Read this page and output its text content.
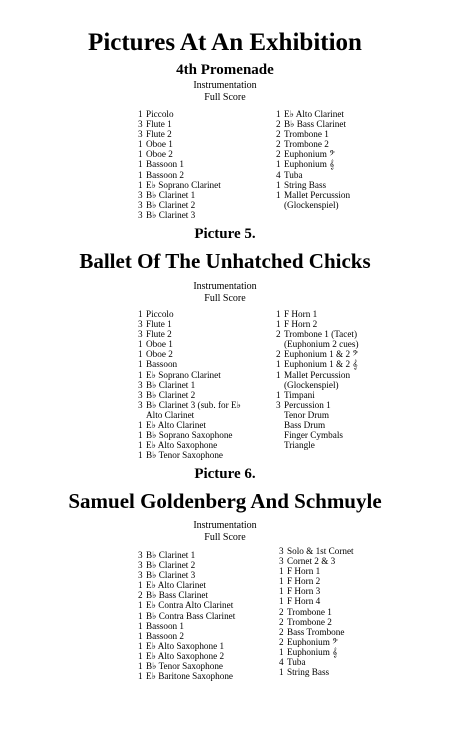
Pictures At An Exhibition
4th Promenade
Instrumentation
Full Score
1 Piccolo
3 Flute 1
3 Flute 2
1 Oboe 1
1 Oboe 2
1 Bassoon 1
1 Bassoon 2
1 E♭ Soprano Clarinet
3 B♭ Clarinet 1
3 B♭ Clarinet 2
3 B♭ Clarinet 3
1 E♭ Alto Clarinet
2 B♭ Bass Clarinet
2 Trombone 1
2 Trombone 2
2 Euphonium 𝄢
1 Euphonium 𝄞
4 Tuba
1 String Bass
1 Mallet Percussion
(Glockenspiel)
Picture 5.
Ballet Of The Unhatched Chicks
Instrumentation
Full Score
1 Piccolo
3 Flute 1
3 Flute 2
1 Oboe 1
1 Oboe 2
1 Bassoon
1 E♭ Soprano Clarinet
3 B♭ Clarinet 1
3 B♭ Clarinet 2
3 B♭ Clarinet 3 (sub. for E♭
Alto Clarinet
1 E♭ Alto Clarinet
1 B♭ Soprano Saxophone
1 E♭ Alto Saxophone
1 B♭ Tenor Saxophone
1 F Horn 1
1 F Horn 2
2 Trombone 1 (Tacet)
(Euphonium 2 cues)
2 Euphonium 1 & 2 𝄢
1 Euphonium 1 & 2 𝄞
1 Mallet Percussion
(Glockenspiel)
1 Timpani
3 Percussion 1
Tenor Drum
Bass Drum
Finger Cymbals
Triangle
Picture 6.
Samuel Goldenberg And Schmuyle
Instrumentation
Full Score
3 B♭ Clarinet 1
3 B♭ Clarinet 2
3 B♭ Clarinet 3
1 E♭ Alto Clarinet
2 B♭ Bass Clarinet
1 E♭ Contra Alto Clarinet
1 B♭ Contra Bass Clarinet
1 Bassoon 1
1 Bassoon 2
1 E♭ Alto Saxophone 1
1 E♭ Alto Saxophone 2
1 B♭ Tenor Saxophone
1 E♭ Baritone Saxophone
3 Solo & 1st Cornet
3 Cornet 2 & 3
1 F Horn 1
1 F Horn 2
1 F Horn 3
1 F Horn 4
2 Trombone 1
2 Trombone 2
2 Bass Trombone
2 Euphonium 𝄢
1 Euphonium 𝄞
4 Tuba
1 String Bass
